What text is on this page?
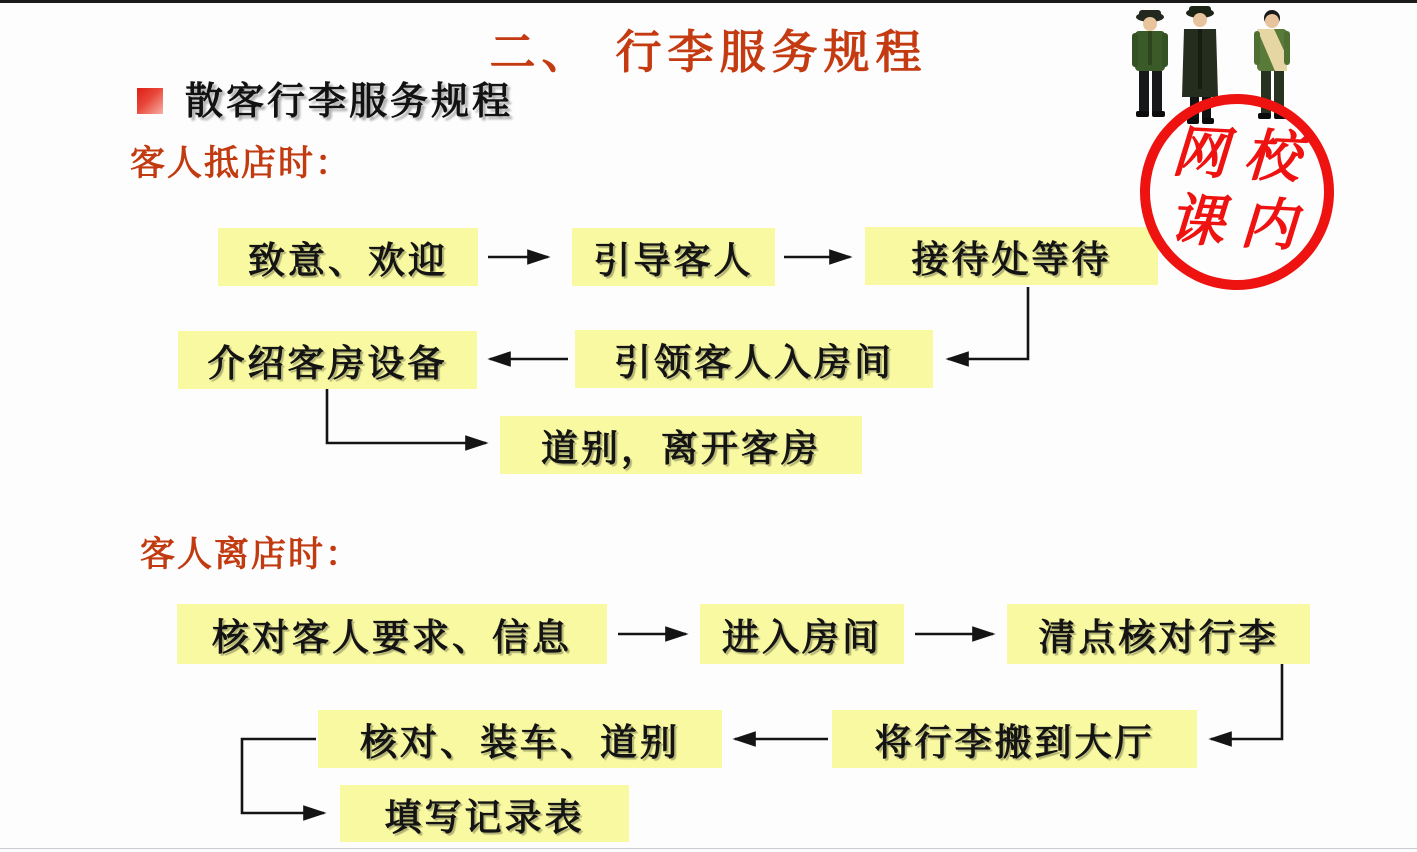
二、 行李服务规程
散客行李服务规程
客人抵店时：
客人离店时：
致意、欢迎	引导客人	接待处等待
引领客人入房间
介绍客房设备
道别，离开客房
核对客人要求、信息	进入房间	清点核对行李
将行李搬到大厅
核对、装车、道别
填写记录表
网 校
课 内
